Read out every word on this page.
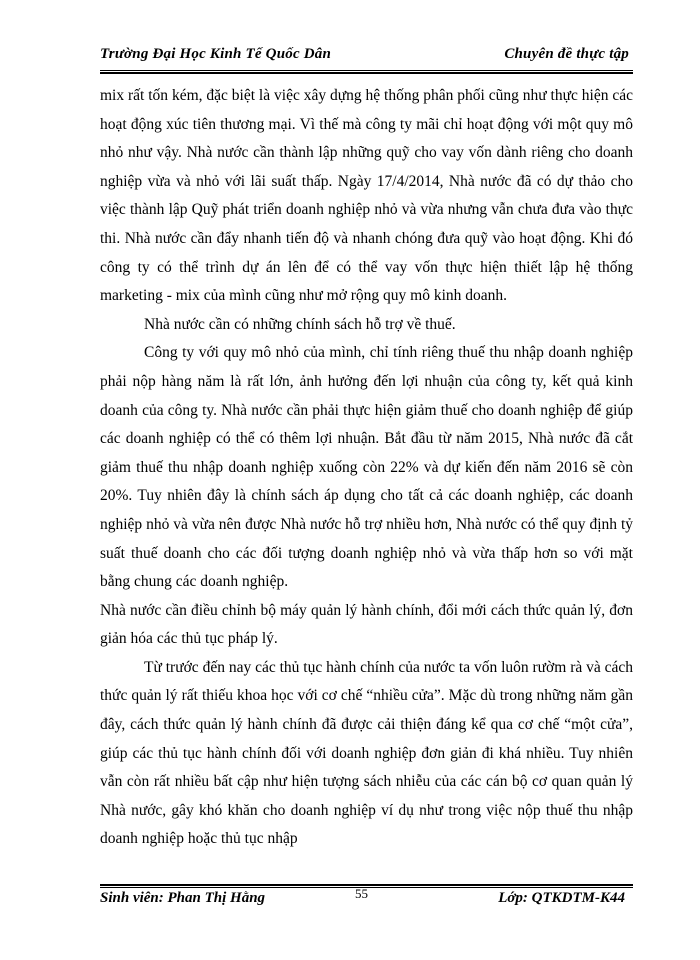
Trường Đại Học Kinh Tế Quốc Dân	Chuyên đề thực tập

mix rất tốn kém, đặc biệt là việc xây dựng hệ thống phân phối cũng như thực hiện các hoạt động xúc tiên thương mại. Vì thế mà công ty mãi chỉ hoạt động với một quy mô nhỏ như vậy. Nhà nước cần thành lập những quỹ cho vay vốn dành riêng cho doanh nghiệp vừa và nhỏ với lãi suất thấp. Ngày 17/4/2014, Nhà nước đã có dự thảo cho việc thành lập Quỹ phát triển doanh nghiệp nhỏ và vừa nhưng vẫn chưa đưa vào thực thi. Nhà nước cần đẩy nhanh tiến độ và nhanh chóng đưa quỹ vào hoạt động. Khi đó công ty có thể trình dự án lên để có thể vay vốn thực hiện thiết lập hệ thống marketing - mix của mình cũng như mở rộng quy mô kinh doanh.

Nhà nước cần có những chính sách hỗ trợ về thuế.

Công ty với quy mô nhỏ của mình, chỉ tính riêng thuế thu nhập doanh nghiệp phải nộp hàng năm là rất lớn, ảnh hưởng đến lợi nhuận của công ty, kết quả kinh doanh của công ty. Nhà nước cần phải thực hiện giảm thuế cho doanh nghiệp để giúp các doanh nghiệp có thể có thêm lợi nhuận. Bắt đầu từ năm 2015, Nhà nước đã cắt giảm thuế thu nhập doanh nghiệp xuống còn 22% và dự kiến đến năm 2016 sẽ còn 20%. Tuy nhiên đây là chính sách áp dụng cho tất cả các doanh nghiệp, các doanh nghiệp nhỏ và vừa nên được Nhà nước hỗ trợ nhiều hơn, Nhà nước có thể quy định tỷ suất thuế doanh cho các đối tượng doanh nghiệp nhỏ và vừa thấp hơn so với mặt bằng chung các doanh nghiệp.

Nhà nước cần điều chỉnh bộ máy quản lý hành chính, đổi mới cách thức quản lý, đơn giản hóa các thủ tục pháp lý.

Từ trước đến nay các thủ tục hành chính của nước ta vốn luôn rườm rà và cách thức quản lý rất thiếu khoa học với cơ chế “nhiều cửa”. Mặc dù trong những năm gần đây, cách thức quản lý hành chính đã được cải thiện đáng kể qua cơ chế “một cửa”, giúp các thủ tục hành chính đối với doanh nghiệp đơn giản đi khá nhiều. Tuy nhiên vẫn còn rất nhiều bất cập như hiện tượng sách nhiễu của các cán bộ cơ quan quản lý Nhà nước, gây khó khăn cho doanh nghiệp ví dụ như trong việc nộp thuế thu nhập doanh nghiệp hoặc thủ tục nhập

Sinh viên: Phan Thị Hằng	55	Lớp: QTKDTM-K44
